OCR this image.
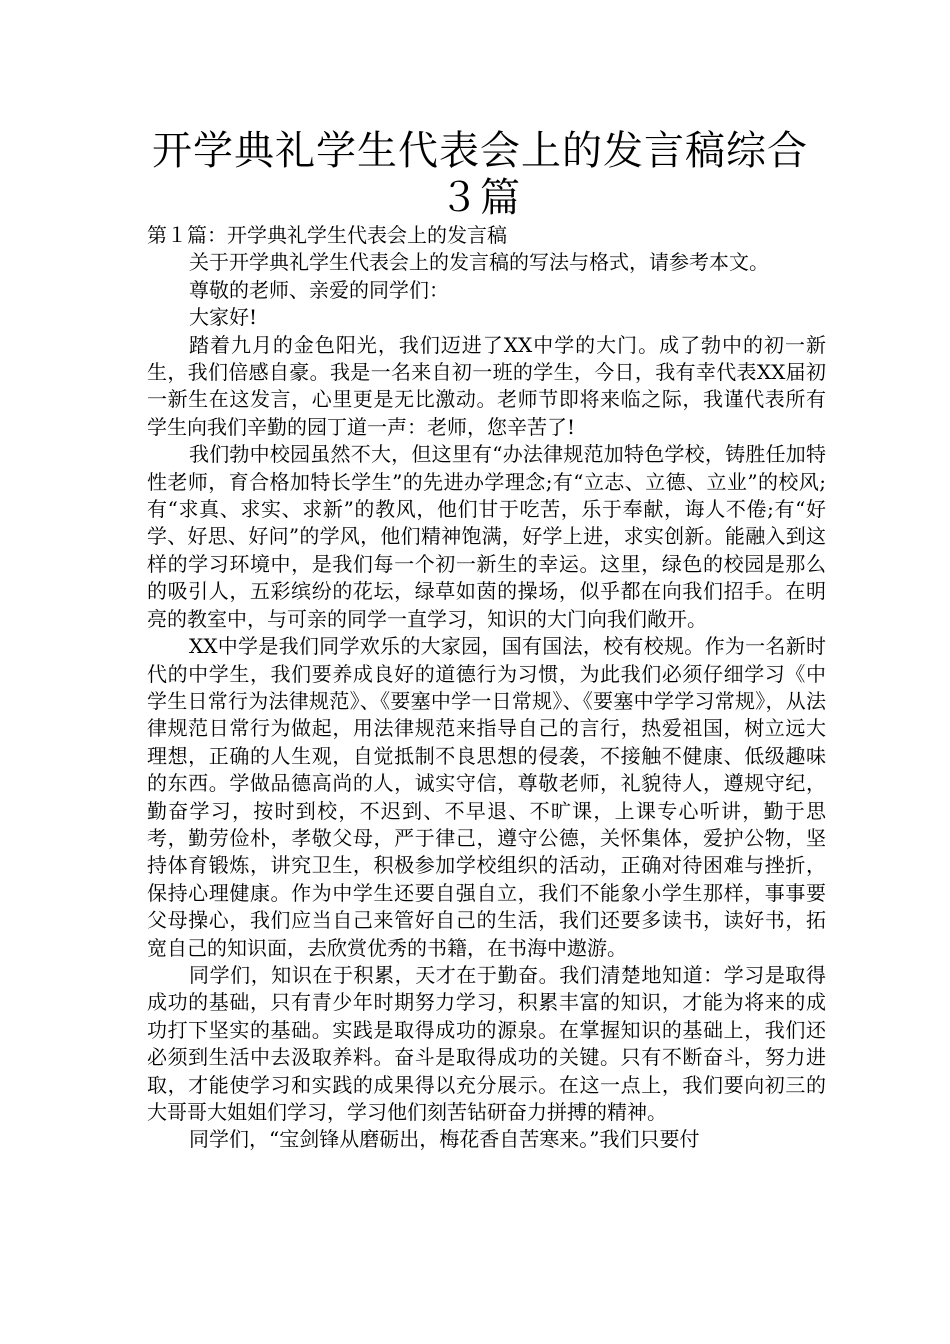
开学典礼学生代表会上的发言稿综合３篇

第１篇：开学典礼学生代表会上的发言稿

关于开学典礼学生代表会上的发言稿的写法与格式，请参考本文。

尊敬的老师、亲爱的同学们：

大家好!

踏着九月的金色阳光，我们迈进了XX中学的大门。成了勃中的初一新生，我们倍感自豪。我是一名来自初一班的学生，今日，我有幸代表XX届初一新生在这发言，心里更是无比激动。老师节即将来临之际，我谨代表所有学生向我们辛勤的园丁道一声：老师，您辛苦了!

我们勃中校园虽然不大，但这里有“办法律规范加特色学校，铸胜任加特性老师，育合格加特长学生”的先进办学理念;有“立志、立德、立业”的校风;有“求真、求实、求新”的教风，他们甘于吃苦，乐于奉献，诲人不倦;有“好学、好思、好问”的学风，他们精神饱满，好学上进，求实创新。能融入到这样的学习环境中，是我们每一个初一新生的幸运。这里，绿色的校园是那么的吸引人，五彩缤纷的花坛，绿草如茵的操场，似乎都在向我们招手。在明亮的教室中，与可亲的同学一直学习，知识的大门向我们敞开。

XX中学是我们同学欢乐的大家园，国有国法，校有校规。作为一名新时代的中学生，我们要养成良好的道德行为习惯，为此我们必须仔细学习《中学生日常行为法律规范》、《要塞中学一日常规》、《要塞中学学习常规》，从法律规范日常行为做起，用法律规范来指导自己的言行，热爱祖国，树立远大理想，正确的人生观，自觉抵制不良思想的侵袭，不接触不健康、低级趣味的东西。学做品德高尚的人，诚实守信，尊敬老师，礼貌待人，遵规守纪，勤奋学习，按时到校，不迟到、不早退、不旷课，上课专心听讲，勤于思考，勤劳俭朴，孝敬父母，严于律己，遵守公德，关怀集体，爱护公物，坚持体育锻炼，讲究卫生，积极参加学校组织的活动，正确对待困难与挫折，保持心理健康。作为中学生还要自强自立，我们不能象小学生那样，事事要父母操心，我们应当自己来管好自己的生活，我们还要多读书，读好书，拓宽自己的知识面，去欣赏优秀的书籍，在书海中遨游。

同学们，知识在于积累，天才在于勤奋。我们清楚地知道：学习是取得成功的基础，只有青少年时期努力学习，积累丰富的知识，才能为将来的成功打下坚实的基础。实践是取得成功的源泉。在掌握知识的基础上，我们还必须到生活中去汲取养料。奋斗是取得成功的关键。只有不断奋斗，努力进取，才能使学习和实践的成果得以充分展示。在这一点上，我们要向初三的大哥哥大姐姐们学习，学习他们刻苦钻研奋力拼搏的精神。

同学们，“宝剑锋从磨砺出，梅花香自苦寒来。”我们只要付
